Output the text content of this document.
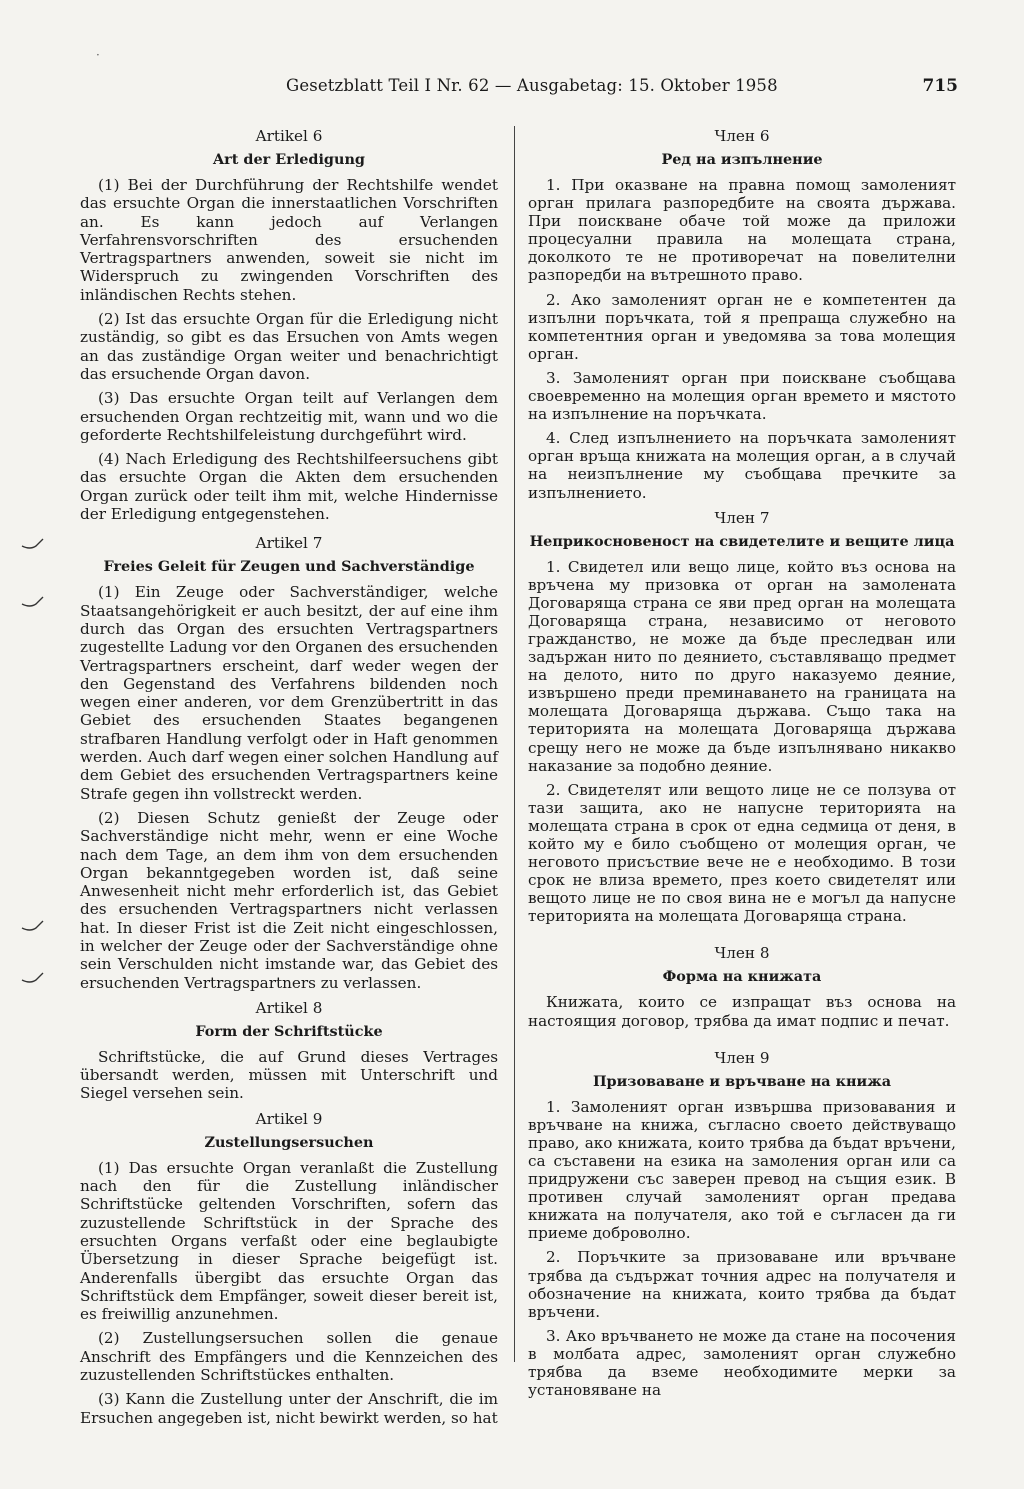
·
Gesetzblatt Teil I Nr. 62 — Ausgabetag: 15. Oktober 1958	715
Artikel 6
Art der Erledigung

(1) Bei der Durchführung der Rechtshilfe wendet das ersuchte Organ die innerstaatlichen Vorschriften an. Es kann jedoch auf Verlangen Verfahrensvorschriften des ersuchenden Vertragspartners anwenden, soweit sie nicht im Widerspruch zu zwingenden Vorschriften des inländischen Rechts stehen.

(2) Ist das ersuchte Organ für die Erledigung nicht zuständig, so gibt es das Ersuchen von Amts wegen an das zuständige Organ weiter und benachrichtigt das ersuchende Organ davon.

(3) Das ersuchte Organ teilt auf Verlangen dem ersuchenden Organ rechtzeitig mit, wann und wo die geforderte Rechtshilfeleistung durchgeführt wird.

(4) Nach Erledigung des Rechtshilfeersuchens gibt das ersuchte Organ die Akten dem ersuchenden Organ zurück oder teilt ihm mit, welche Hindernisse der Erledigung entgegenstehen.

Artikel 7
Freies Geleit für Zeugen und Sachverständige

(1) Ein Zeuge oder Sachverständiger, welche Staatsangehörigkeit er auch besitzt, der auf eine ihm durch das Organ des ersuchten Vertragspartners zugestellte Ladung vor den Organen des ersuchenden Vertragspartners erscheint, darf weder wegen der den Gegenstand des Verfahrens bildenden noch wegen einer anderen, vor dem Grenzübertritt in das Gebiet des ersuchenden Staates begangenen strafbaren Handlung verfolgt oder in Haft genommen werden. Auch darf wegen einer solchen Handlung auf dem Gebiet des ersuchenden Vertragspartners keine Strafe gegen ihn vollstreckt werden.

(2) Diesen Schutz genießt der Zeuge oder Sachverständige nicht mehr, wenn er eine Woche nach dem Tage, an dem ihm von dem ersuchenden Organ bekanntgegeben worden ist, daß seine Anwesenheit nicht mehr erforderlich ist, das Gebiet des ersuchenden Vertragspartners nicht verlassen hat. In dieser Frist ist die Zeit nicht eingeschlossen, in welcher der Zeuge oder der Sachverständige ohne sein Verschulden nicht imstande war, das Gebiet des ersuchenden Vertragspartners zu verlassen.

Artikel 8
Form der Schriftstücke

Schriftstücke, die auf Grund dieses Vertrages übersandt werden, müssen mit Unterschrift und Siegel versehen sein.

Artikel 9
Zustellungsersuchen

(1) Das ersuchte Organ veranlaßt die Zustellung nach den für die Zustellung inländischer Schriftstücke geltenden Vorschriften, sofern das zuzustellende Schriftstück in der Sprache des ersuchten Organs verfaßt oder eine beglaubigte Übersetzung in dieser Sprache beigefügt ist. Anderenfalls übergibt das ersuchte Organ das Schriftstück dem Empfänger, soweit dieser bereit ist, es freiwillig anzunehmen.

(2) Zustellungsersuchen sollen die genaue Anschrift des Empfängers und die Kennzeichen des zuzustellenden Schriftstückes enthalten.

(3) Kann die Zustellung unter der Anschrift, die im Ersuchen angegeben ist, nicht bewirkt werden, so hat

Член 6
Ред на изпълнение

1. При оказване на правна помощ замоленият орган прилага разпоредбите на своята държава. При поискване обаче той може да приложи процесуални правила на молещата страна, доколкото те не противоречат на повелителни разпоредби на вътрешното право.

2. Ако замоленият орган не е компетентен да изпълни поръчката, той я препраща служебно на компетентния орган и уведомява за това молещия орган.

3. Замоленият орган при поискване съобщава своевременно на молещия орган времето и мястото на изпълнение на поръчката.

4. След изпълнението на поръчката замоленият орган връща книжата на молещия орган, а в случай на неизпълнение му съобщава пречките за изпълнението.

Член 7
Неприкосновеност на свидетелите и вещите лица

1. Свидетел или вещо лице, който въз основа на връчена му призовка от орган на замолената Договаряща страна се яви пред орган на молещата Договаряща страна, независимо от неговото гражданство, не може да бъде преследван или задържан нито по деянието, съставляващо предмет на делото, нито по друго наказуемо деяние, извършено преди преминаването на границата на молещата Договаряща държава. Също така на територията на молещата Договаряща държава срещу него не може да бъде изпълнявано никакво наказание за подобно деяние.

2. Свидетелят или вещото лице не се ползува от тази защита, ако не напусне територията на молещата страна в срок от една седмица от деня, в който му е било съобщено от молещия орган, че неговото присъствие вече не е необходимо. В този срок не влиза времето, през което свидетелят или вещото лице не по своя вина не е могъл да напусне територията на молещата Договаряща страна.

Член 8
Форма на книжата

Книжата, които се изпращат въз основа на настоящия договор, трябва да имат подпис и печат.

Член 9
Призоваване и връчване на книжа

1. Замоленият орган извършва призовавания и връчване на книжа, съгласно своето действуващо право, ако книжата, които трябва да бъдат връчени, са съставени на езика на замоления орган или са придружени със заверен превод на същия език. В противен случай замоленият орган предава книжата на получателя, ако той е съгласен да ги приеме доброволно.

2. Поръчките за призоваване или връчване трябва да съдържат точния адрес на получателя и обозначение на книжата, които трябва да бъдат връчени.

3. Ако връчването не може да стане на посочения в молбата адрес, замоленият орган служебно трябва да вземе необходимите мерки за установяване на
